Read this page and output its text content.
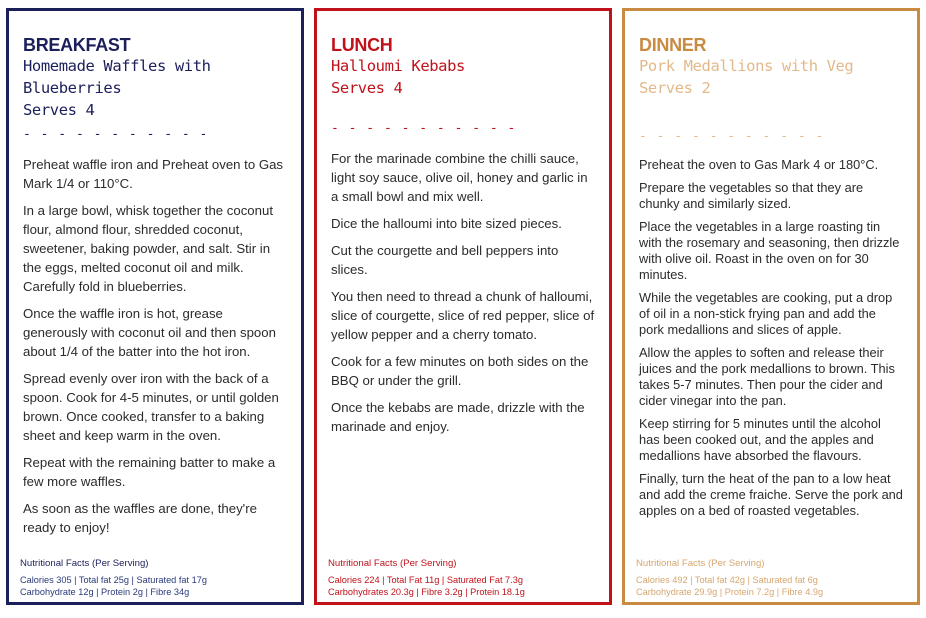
BREAKFAST
Homemade Waffles with
Blueberries
Serves 4
- - - - - - - - - - -

Preheat waffle iron and Preheat oven to Gas Mark 1/4 or 110°C.

In a large bowl, whisk together the coconut flour, almond flour, shredded coconut, sweetener, baking powder, and salt. Stir in the eggs, melted coconut oil and milk. Carefully fold in blueberries.

Once the waffle iron is hot, grease generously with coconut oil and then spoon about 1/4 of the batter into the hot iron.

Spread evenly over iron with the back of a spoon. Cook for 4-5 minutes, or until golden brown. Once cooked, transfer to a baking sheet and keep warm in the oven.

Repeat with the remaining batter to make a few more waffles.

As soon as the waffles are done, they're ready to enjoy!

Nutritional Facts (Per Serving)
Calories 305 | Total fat 25g | Saturated fat 17g
Carbohydrate 12g | Protein 2g | Fibre 34g
LUNCH
Halloumi Kebabs
Serves 4
- - - - - - - - - - -

For the marinade combine the chilli sauce, light soy sauce, olive oil, honey and garlic in a small bowl and mix well.

Dice the halloumi into bite sized pieces.

Cut the courgette and bell peppers into slices.

You then need to thread a chunk of halloumi, slice of courgette, slice of red pepper, slice of yellow pepper and a cherry tomato.

Cook for a few minutes on both sides on the BBQ or under the grill.

Once the kebabs are made, drizzle with the marinade and enjoy.

Nutritional Facts (Per Serving)
Calories 224 | Total Fat 11g | Saturated Fat 7.3g
Carbohydrates 20.3g | Fibre 3.2g | Protein 18.1g
DINNER
Pork Medallions with Veg
Serves 2
- - - - - - - - - - -

Preheat the oven to Gas Mark 4 or 180°C.

Prepare the vegetables so that they are chunky and similarly sized.

Place the vegetables in a large roasting tin with the rosemary and seasoning, then drizzle with olive oil. Roast in the oven on for 30 minutes.

While the vegetables are cooking, put a drop of oil in a non-stick frying pan and add the pork medallions and slices of apple.

Allow the apples to soften and release their juices and the pork medallions to brown. This takes 5-7 minutes. Then pour the cider and cider vinegar into the pan.

Keep stirring for 5 minutes until the alcohol has been cooked out, and the apples and medallions have absorbed the flavours.

Finally, turn the heat of the pan to a low heat and add the creme fraiche. Serve the pork and apples on a bed of roasted vegetables.

Nutritional Facts (Per Serving)
Calories 492 | Total fat 42g | Saturated fat 6g
Carbohydrate 29.9g | Protein 7.2g | Fibre 4.9g
